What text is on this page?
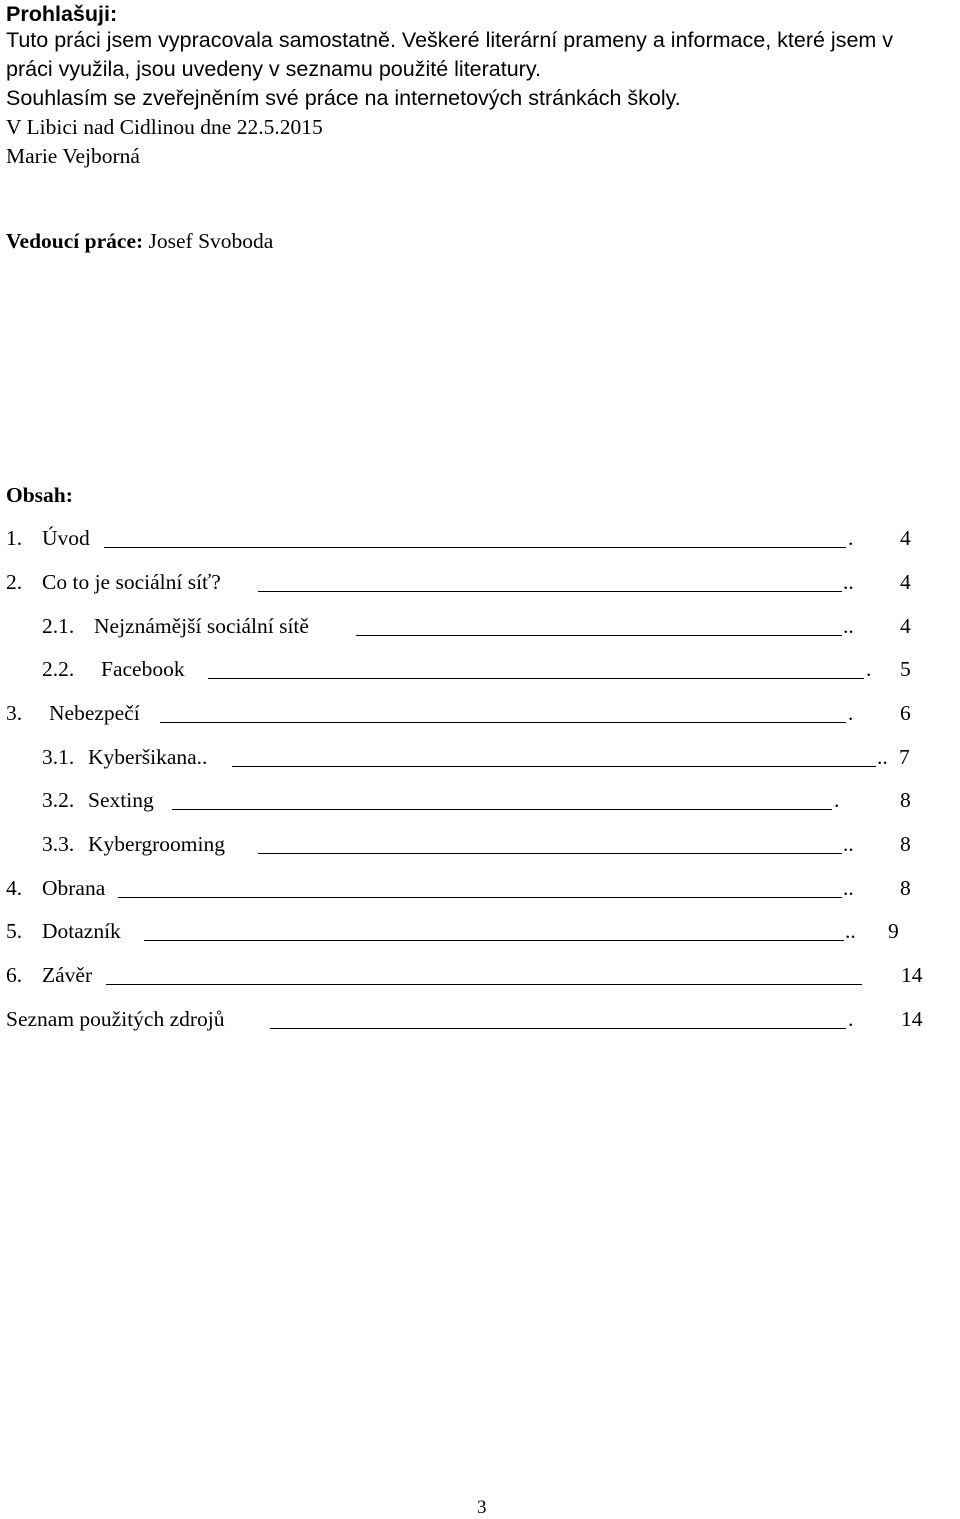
Prohlašuji:
Tuto práci jsem vypracovala samostatně. Veškeré literární prameny a informace, které jsem v
práci využila, jsou uvedeny v seznamu použité literatury.
Souhlasím se zveřejněním své práce na internetových stránkách školy.
V Libici nad Cidlinou dne 22.5.2015
Marie Vejborná
Vedoucí práce: Josef Svoboda
Obsah:
1. Úvod	. 4
2. Co to je sociální síť?	.. 4
2.1. Nejznámější sociální sítě	.. 4
2.2. Facebook	. 5
3. Nebezpečí	. 6
3.1. Kyberšikana..	.. 7
3.2. Sexting	.	8
3.3. Kybergrooming	.. 8
4. Obrana	.. 8
5. Dotazník	.. 9
6. Závěr	14
Seznam použitých zdrojů	. 14
3
